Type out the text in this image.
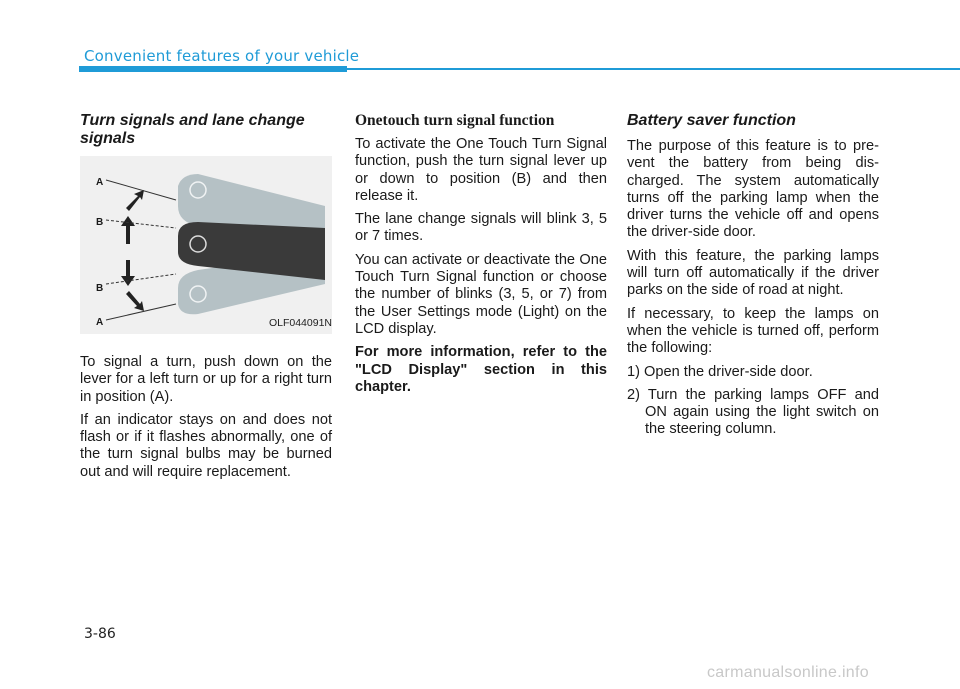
Convenient features of your vehicle
Turn signals and lane change signals
A
B
B
A	OLF044091N

To signal a turn, push down on the lever for a left turn or up for a right turn in position (A).

If an indicator stays on and does not flash or if it flashes abnormally, one of the turn signal bulbs may be burned out and will require replacement.

Onetouch turn signal function

To activate the One Touch Turn Signal function, push the turn signal lever up or down to position (B) and then release it.

The lane change signals will blink 3, 5 or 7 times.

You can activate or deactivate the One Touch Turn Signal function or choose the number of blinks (3, 5, or 7) from the User Settings mode (Light) on the LCD display.

For more information, refer to the "LCD Display" section in this chapter.

Battery saver function

The purpose of this feature is to pre-vent the battery from being dis-charged. The system automatically turns off the parking lamp when the driver turns the vehicle off and opens the driver-side door.

With this feature, the parking lamps will turn off automatically if the driver parks on the side of road at night.

If necessary, to keep the lamps on when the vehicle is turned off, perform the following:

1) Open the driver-side door.

2) Turn the parking lamps OFF and ON again using the light switch on the steering column.

3-86
carmanualsonline.info
